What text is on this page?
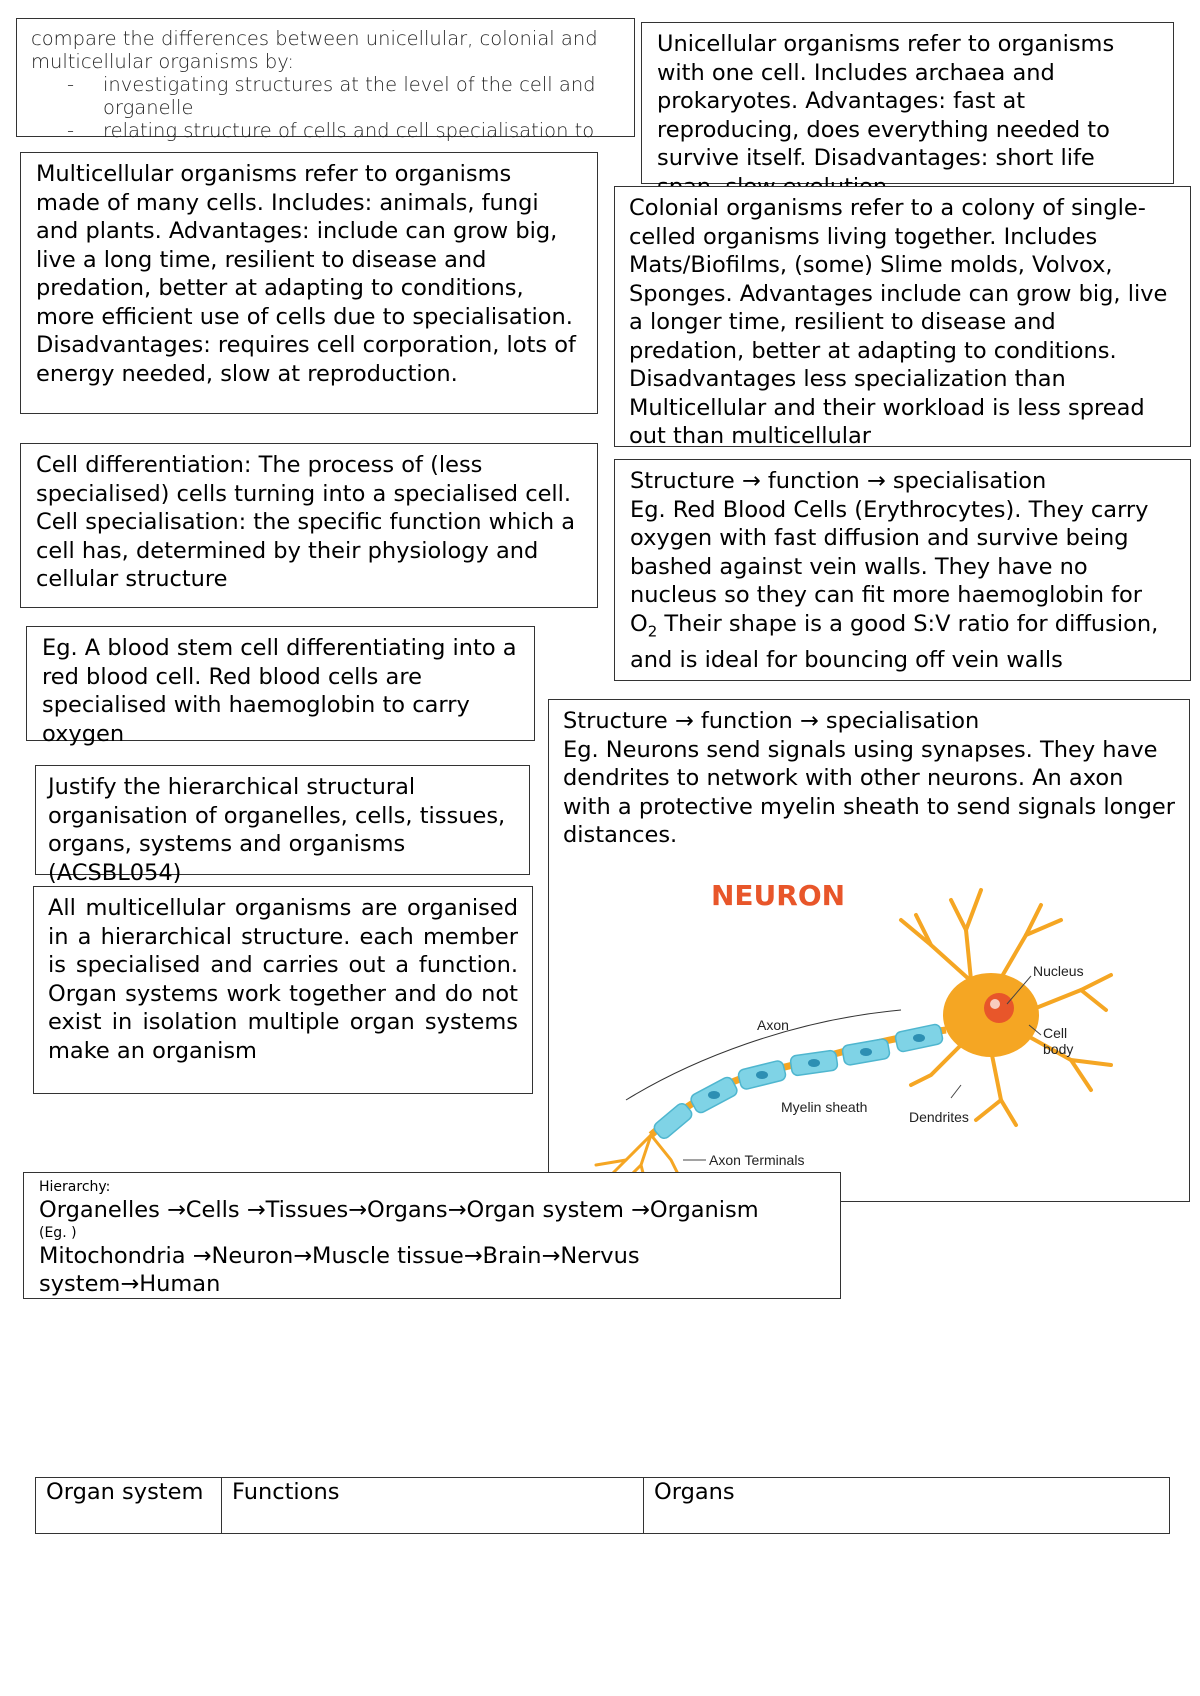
compare the differences between unicellular, colonial and multicellular organisms by:

- investigating structures at the level of the cell and organelle
- relating structure of cells and cell specialisation to

Unicellular organisms refer to organisms with one cell. Includes archaea and prokaryotes. Advantages: fast at reproducing, does everything needed to survive itself. Disadvantages: short life

Multicellular organisms refer to organisms made of many cells. Includes: animals, fungi and plants. Advantages: include can grow big, live a long time, resilient to disease and predation, better at adapting to conditions, more efficient use of cells due to specialisation. Disadvantages: requires cell corporation, lots of energy needed, slow at reproduction.

Colonial organisms refer to a colony of single-celled organisms living together. Includes Mats/Biofilms, (some) Slime molds, Volvox, Sponges. Advantages include can grow big, live a longer time, resilient to disease and predation, better at adapting to conditions. Disadvantages less specialization than Multicellular and their workload is less spread out than multicellular

Cell differentiation: The process of (less specialised) cells turning into a specialised cell.

Cell specialisation: the specific function which a cell has, determined by their physiology and cellular structure

Structure → function → specialisation

Eg. Red Blood Cells (Erythrocytes). They carry oxygen with fast diffusion and survive being bashed against vein walls. They have no nucleus so they can fit more haemoglobin for $O_2$ Their shape is a good S:V ratio for diffusion, and is ideal for bouncing off vein walls

Eg. A blood stem cell differentiating into a red blood cell. Red blood cells are specialised with haemoglobin to carry oxygen	Structure → function → specialisation

Eg. Neurons send signals using synapses. They have dendrites to network with other neurons. An axon with a protective myelin sheath to send signals longer distances.

NEURON
Nucleus
Cell
body
Axon
Myelin sheath
Dendrites
Axon Terminals

Justify the hierarchical structural organisation of organelles, cells, tissues, organs, systems and organisms (ACSBL054)

All multicellular organisms are organised in a hierarchical structure. each member is specialised and carries out a function. Organ systems work together and do not exist in isolation multiple organ systems make an organism

Hierarchy:
Organelles →Cells →Tissues→Organs→Organ system →Organism
(Eg. )
Mitochondria →Neuron→Muscle tissue→Brain→Nervus
system→Human
Organ system	Functions	Organs
